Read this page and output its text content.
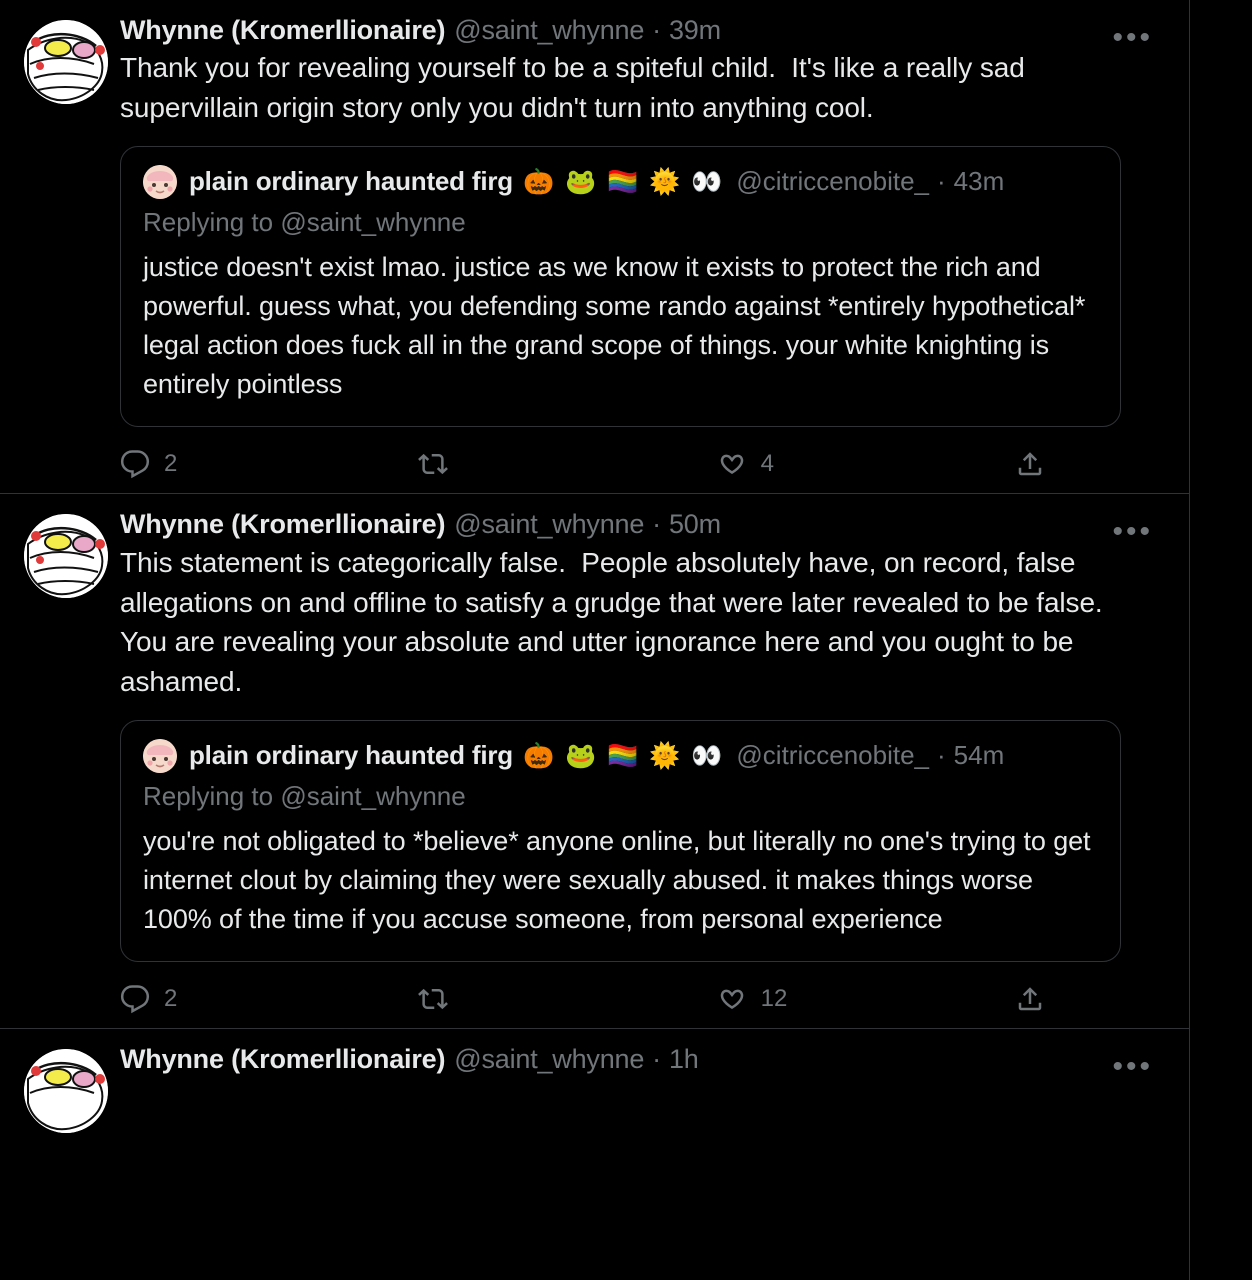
Whynne (Kromerllionaire) @saint_whynne · 39m
Thank you for revealing yourself to be a spiteful child.  It's like a really sad supervillain origin story only you didn't turn into anything cool.
plain ordinary haunted firg 🎃 🐸 🏳️‍🌈 🌞 👀 @citriccenobite_ · 43m
Replying to @saint_whynne
justice doesn't exist lmao. justice as we know it exists to protect the rich and powerful. guess what, you defending some rando against *entirely hypothetical* legal action does fuck all in the grand scope of things. your white knighting is entirely pointless
2	4
•••
Whynne (Kromerllionaire) @saint_whynne · 50m
This statement is categorically false.  People absolutely have, on record, false allegations on and offline to satisfy a grudge that were later revealed to be false.  You are revealing your absolute and utter ignorance here and you ought to be ashamed.
plain ordinary haunted firg 🎃 🐸 🏳️‍🌈 🌞 👀 @citriccenobite_ · 54m
Replying to @saint_whynne
you're not obligated to *believe* anyone online, but literally no one's trying to get internet clout by claiming they were sexually abused. it makes things worse 100% of the time if you accuse someone, from personal experience
2	12
•••
Whynne (Kromerllionaire) @saint_whynne · 1h	•••
